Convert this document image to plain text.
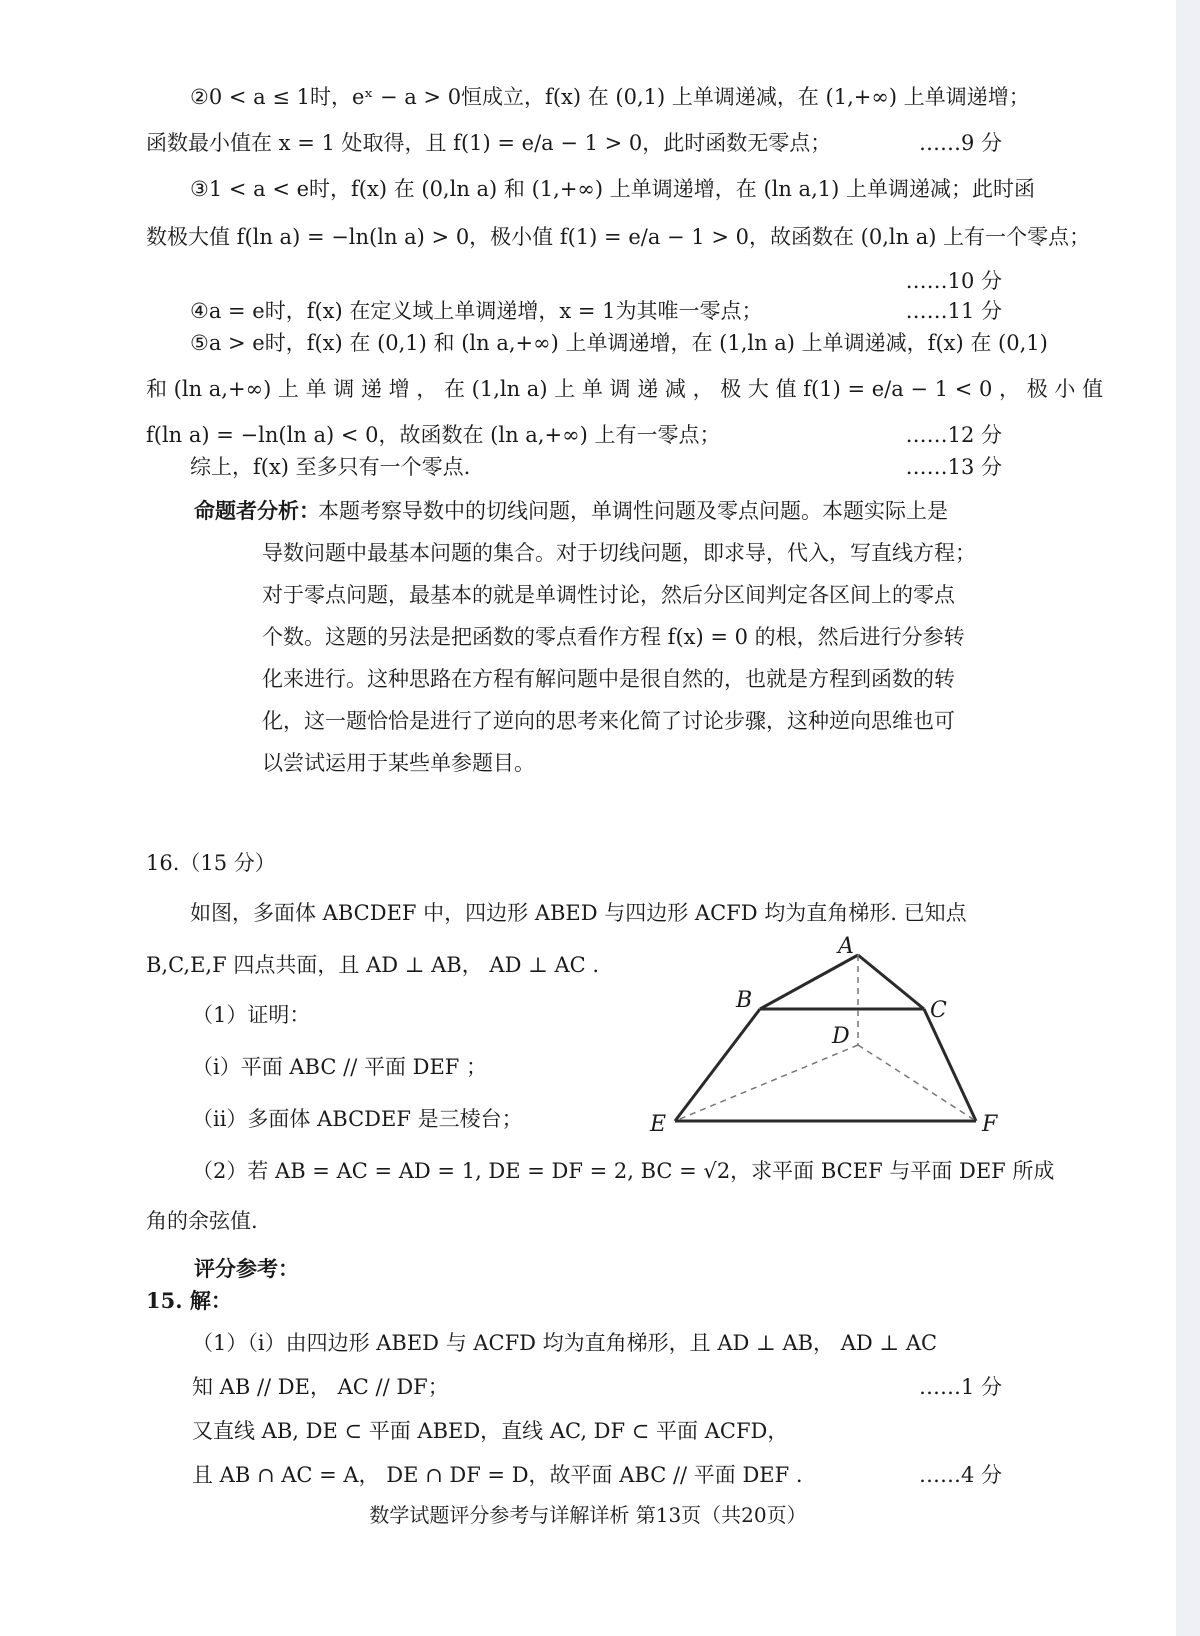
②0 < a ≤ 1时，eˣ − a > 0恒成立，f(x) 在 (0,1) 上单调递减，在 (1,+∞) 上单调递增；

函数最小值在 x = 1 处取得，且 f(1) = e/a − 1 > 0，此时函数无零点；	……9 分

③1 < a < e时，f(x) 在 (0,ln a) 和 (1,+∞) 上单调递增，在 (ln a,1) 上单调递减；此时函

数极大值 f(ln a) = −ln(ln a) > 0，极小值 f(1) = e/a − 1 > 0，故函数在 (0,ln a) 上有一个零点；

……10 分

④a = e时，f(x) 在定义域上单调递增，x = 1为其唯一零点；	……11 分

⑤a > e时，f(x) 在 (0,1) 和 (ln a,+∞) 上单调递增，在 (1,ln a) 上单调递减，f(x) 在 (0,1)

和 (ln a,+∞) 上 单 调 递 增 ， 在 (1,ln a) 上 单 调 递 减 ， 极 大 值 f(1) = e/a − 1 < 0 ， 极 小 值

f(ln a) = −ln(ln a) < 0，故函数在 (ln a,+∞) 上有一零点；	……12 分

综上，f(x) 至多只有一个零点.	……13 分

命题者分析：

本题考察导数中的切线问题，单调性问题及零点问题。本题实际上是

导数问题中最基本问题的集合。对于切线问题，即求导，代入，写直线方程；

对于零点问题，最基本的就是单调性讨论，然后分区间判定各区间上的零点

个数。这题的另法是把函数的零点看作方程 f(x) = 0 的根，然后进行分参转

化来进行。这种思路在方程有解问题中是很自然的，也就是方程到函数的转

化，这一题恰恰是进行了逆向的思考来化简了讨论步骤，这种逆向思维也可

以尝试运用于某些单参题目。

16.（15 分）

如图，多面体 ABCDEF 中，四边形 ABED 与四边形 ACFD 均为直角梯形. 已知点

B,C,E,F 四点共面，且 AD ⊥ AB， AD ⊥ AC .

（1）证明：

（i）平面 ABC // 平面 DEF ；

（ii）多面体 ABCDEF 是三棱台；

（2）若 AB = AC = AD = 1, DE = DF = 2, BC = √2，求平面 BCEF 与平面 DEF 所成

角的余弦值.

A
B	C
D
E	F

评分参考：

15. 解：

（1）（i）由四边形 ABED 与 ACFD 均为直角梯形，且 AD ⊥ AB， AD ⊥ AC

知 AB // DE， AC // DF；	……1 分

又直线 AB, DE ⊂ 平面 ABED，直线 AC, DF ⊂ 平面 ACFD，

且 AB ∩ AC = A， DE ∩ DF = D，故平面 ABC // 平面 DEF .	……4 分

数学试题评分参考与详解详析 第13页（共20页）
